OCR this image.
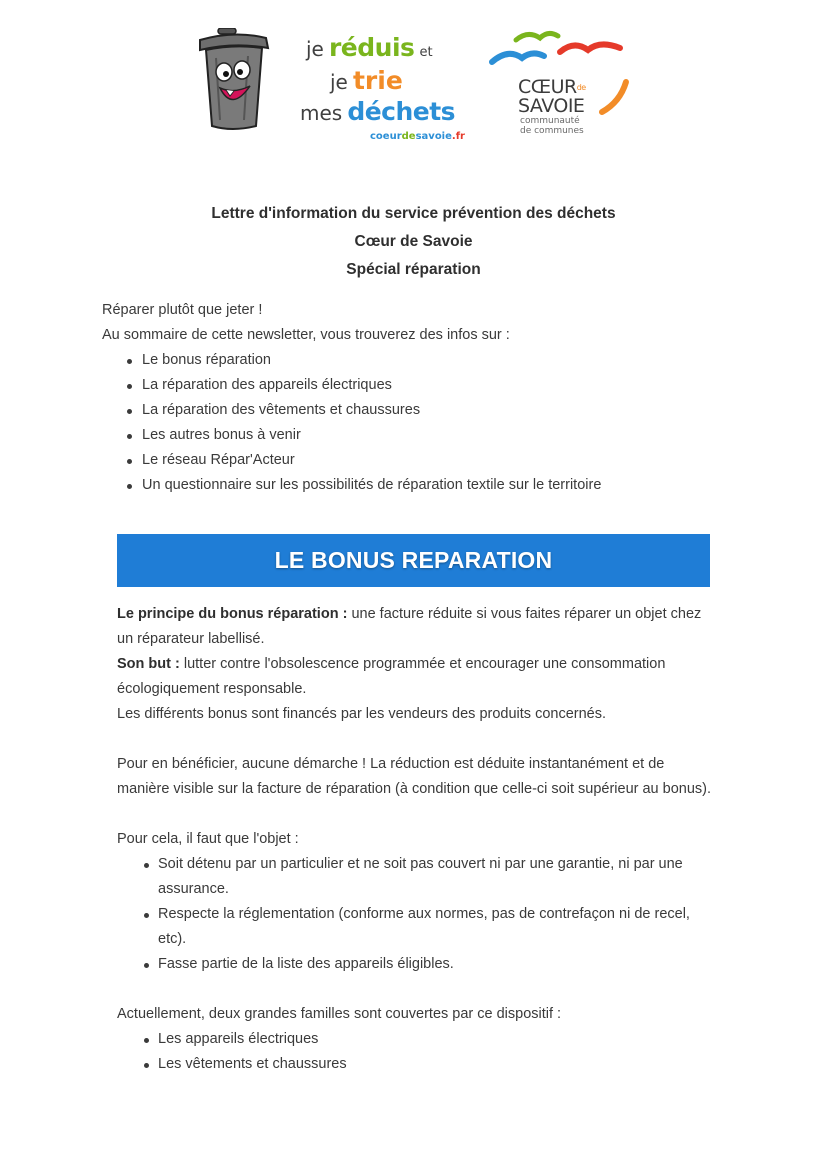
je réduis et
je trie
mes déchets
coeurdesavoie.fr
$CŒUR^{de}$
SAVOIE
communauté
de communes
Lettre d'information du service prévention des déchets
Cœur de Savoie
Spécial réparation

Réparer plutôt que jeter !

Au sommaire de cette newsletter, vous trouverez des infos sur :

Le bonus réparation
La réparation des appareils électriques
La réparation des vêtements et chaussures
Les autres bonus à venir
Le réseau Répar'Acteur
Un questionnaire sur les possibilités de réparation textile sur le territoire
LE BONUS REPARATION

Le principe du bonus réparation : une facture réduite si vous faites réparer un objet chez un réparateur labellisé.

Son but : lutter contre l'obsolescence programmée et encourager une consommation écologiquement responsable.

Les différents bonus sont financés par les vendeurs des produits concernés.

Pour en bénéficier, aucune démarche ! La réduction est déduite instantanément et de manière visible sur la facture de réparation (à condition que celle-ci soit supérieur au bonus).

Pour cela, il faut que l'objet :

Soit détenu par un particulier et ne soit pas couvert ni par une garantie, ni par une assurance.
Respecte la réglementation (conforme aux normes, pas de contrefaçon ni de recel, etc).
Fasse partie de la liste des appareils éligibles.

Actuellement, deux grandes familles sont couvertes par ce dispositif :

Les appareils électriques
Les vêtements et chaussures
